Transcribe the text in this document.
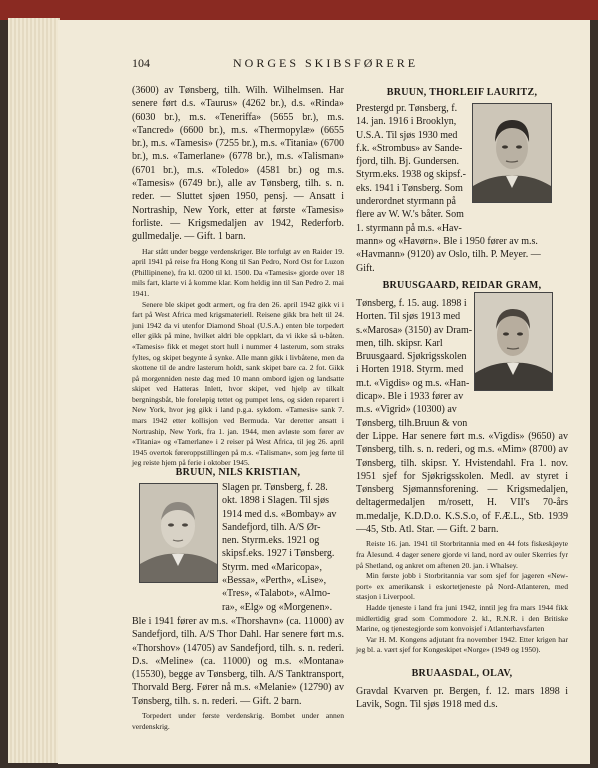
104	NORGES SKIBSFØRERE

(3600) av Tønsberg, tilh. Wilh. Wilhelmsen. Har senere ført d.s. «Taurus» (4262 br.), d.s. «Rinda» (6030 br.), m.s. «Teneriffa» (5655 br.), m.s. «Tancred» (6600 br.), m.s. «Thermopylæ» (6655 br.), m.s. «Tamesis» (7255 br.), m.s. «Titania» (6700 br.), m.s. «Tamerlane» (6778 br.), m.s. «Talisman» (6701 br.), m.s. «Toledo» (4581 br.) og m.s. «Tamesis» (6749 br.), alle av Tønsberg, tilh. s. n. reder. — Sluttet sjøen 1950, pensj. — Ansatt i Nortraship, New York, etter at første «Tamesis» forliste. — Krigsmedaljen av 1942, Rederforb. gullmedalje. — Gift. 1 barn.

Har stått under begge verdenskriger. Ble torfulgt av en Raider 19. april 1941 på reise fra Hong Kong til San Pedro, Nord Ost for Luzon (Phillipinene), fra kl. 0200 til kl. 1500. Da «Tamesis» gjorde over 18 mils fart, klarte vi å komme klar. Kom heldig inn til San Pedro 2. mai 1941.

Senere ble skipet godt armert, og fra den 26. april 1942 gikk vi i fart på West Africa med krigsmateriell. Reisene gikk bra helt til 24. juni 1942 da vi utenfor Diamond Shoal (U.S.A.) enten ble torpedert eller gikk på mine, hvilket aldri ble oppklart, da vi ikke så u-båten. «Tamesis» fikk et meget stort hull i nummer 4 lasterum, som straks fyltes, og skipet begynte å synke. Alle mann gikk i livbåtene, men da skottene til de andre lasterum holdt, sank skipet bare ca. 2 fot. Gikk på morgenniden neste dag med 10 mann ombord igjen og landsatte skipet ved Hatteras Inlett, hvor skipet, ved hjelp av tilkalt bergningsbåt, ble foreløpig tettet og pumpet lens, og siden reparert i New York, hvor jeg gikk i land p.g.a. sykdom. «Tamesis» sank 7. mars 1942 etter kollisjon ved Bermuda. Var deretter ansatt i Nortraship, New York, fra 1. jan. 1944, men avløste som fører av «Titania» og «Tamerlane» i 2 reiser på West Africa, til jeg 26. april 1945 overtok føreroppstillingen på m.s. «Talisman», som jeg førte til jeg reiste hjem på ferie i oktober 1945.

BRUUN, NILS KRISTIAN,
Slagen pr. Tønsberg, f. 28.
okt. 1898 i Slagen. Til sjøs
1914 med d.s. «Bombay» av
Sandefjord, tilh. A/S Ør-
nen. Styrm.eks. 1921 og
skipsf.eks. 1927 i Tønsberg.
Styrm. med «Maricopa»,
«Bessa», «Perth», «Lise»,
«Tres», «Talabot», «Almo-
ra», «Elg» og «Morgenen».

Ble i 1941 fører av m.s. «Thorshavn» (ca. 11000) av Sandefjord, tilh. A/S Thor Dahl. Har senere ført m.s. «Thorshov» (14705) av Sandefjord, tilh. s. n. rederi. D.s. «Meline» (ca. 11000) og m.s. «Montana» (15530), begge av Tønsberg, tilh. A/S Tanktransport, Thorvald Berg. Fører nå m.s. «Melanie» (12790) av Tønsberg, tilh. s. n. rederi. — Gift. 2 barn.

Torpedert under første verdenskrig. Bombet under annen verdenskrig.

BRUUN, THORLEIF LAURITZ,
Prestergd pr. Tønsberg, f.
14. jan. 1916 i Brooklyn,
U.S.A. Til sjøs 1930 med
f.k. «Strombus» av Sande-
fjord, tilh. Bj. Gundersen.
Styrm.eks. 1938 og skipsf.-
eks. 1941 i Tønsberg. Som
underordnet styrmann på
flere av W. W.'s båter. Som
1. styrmann på m.s. «Hav-
mann» og «Havørn». Ble i 1950 fører av m.s.
«Havmann» (9120) av Oslo, tilh. P. Meyer. —
Gift.
BRUUSGAARD, REIDAR GRAM,
Tønsberg, f. 15. aug. 1898 i
Horten. Til sjøs 1913 med
s.«Marosa» (3150) av Dram-
men, tilh. skipsr. Karl
Bruusgaard. Sjøkrigsskolen
i Horten 1918. Styrm. med
m.t. «Vigdis» og m.s. «Han-
dicap». Ble i 1933 fører av
m.s. «Vigrid» (10300) av
Tønsberg, tilh.Bruun & von

der Lippe. Har senere ført m.s. «Vigdis» (9650) av Tønsberg, tilh. s. n. rederi, og m.s. «Mim» (8700) av Tønsberg, tilh. skipsr. Y. Hvistendahl. Fra 1. nov. 1951 sjef for Sjøkrigsskolen. Medl. av styret i Tønsberg Sjømannsforening. — Krigsmedaljen, deltagermedaljen m/rosett, H. VII's 70-års m.medalje, K.D.D.o. K.S.S.o, of F.Æ.L., Stb. 1939—45, Stb. Atl. Star. — Gift. 2 barn.

Reiste 16. jan. 1941 til Storbritannia med en 44 fots fiskeskjøyte fra Ålesund. 4 dager senere gjorde vi land, nord av ouler Skerries fyr på Shetland, og ankret om aftenen 20. jan. i Whalsey.

Min første jobb i Storbritannia var som sjef for jageren «New-port» ex amerikansk i eskortetjeneste på Nord-Atlanteren, med stasjon i Liverpool.

Hadde tjeneste i land fra juni 1942, inntil jeg fra mars 1944 fikk midlertidig grad som Commodore 2. kl., R.N.R. i den Britiske Marine, og tjenestegjorde som konvoisjef i Atlanterhavsfarten

Var H. M. Kongens adjutant fra november 1942. Etter krigen har jeg bl. a. vært sjef for Kongeskipet «Norge» (1949 og 1950).

BRUAASDAL, OLAV,

Gravdal Kvarven pr. Bergen, f. 12. mars 1898 i Lavik, Sogn. Til sjøs 1918 med d.s.
